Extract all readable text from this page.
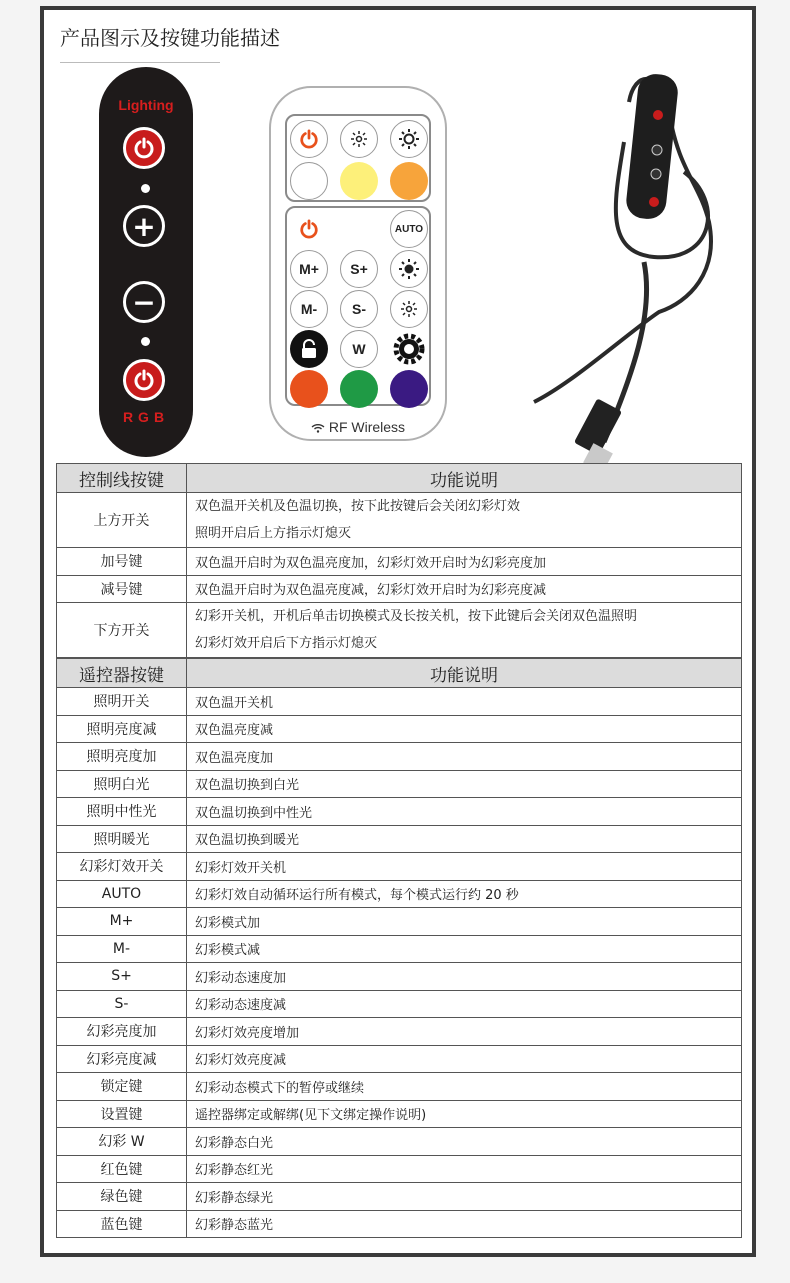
产品图示及按键功能描述
Lighting
+
−
RGB
AUTO
M+	S+
M-	S-
W
RF Wireless
控制线按键	功能说明
上方开关	双色温开关机及色温切换，按下此按键后会关闭幻彩灯效
照明开启后上方指示灯熄灭

加号键	双色温开启时为双色温亮度加，幻彩灯效开启时为幻彩亮度加
减号键	双色温开启时为双色温亮度减，幻彩灯效开启时为幻彩亮度减
下方开关	幻彩开关机，开机后单击切换模式及长按关机，按下此键后会关闭双色温照明
幻彩灯效开启后下方指示灯熄灭
遥控器按键	功能说明
照明开关	双色温开关机
照明亮度减	双色温亮度减
照明亮度加	双色温亮度加
照明白光	双色温切换到白光
照明中性光	双色温切换到中性光
照明暖光	双色温切换到暖光
幻彩灯效开关	幻彩灯效开关机
AUTO	幻彩灯效自动循环运行所有模式，每个模式运行约 20 秒
M+	幻彩模式加
M-	幻彩模式减
S+	幻彩动态速度加
S-	幻彩动态速度减
幻彩亮度加	幻彩灯效亮度增加
幻彩亮度减	幻彩灯效亮度减
锁定键	幻彩动态模式下的暂停或继续
设置键	遥控器绑定或解绑(见下文绑定操作说明)
幻彩 W	幻彩静态白光
红色键	幻彩静态红光
绿色键	幻彩静态绿光
蓝色键	幻彩静态蓝光
